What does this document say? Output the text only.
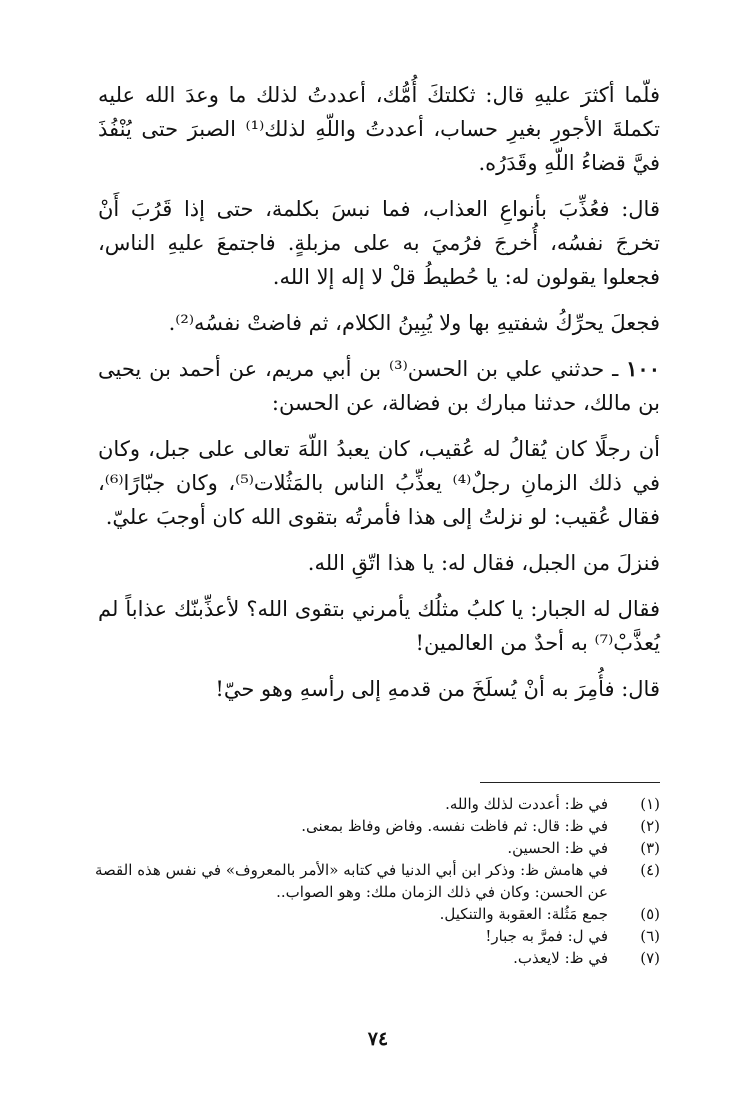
فلّما أكثرَ عليهِ قال: ثكلتكَ أُمُّك، أعددتُ لذلك ما وعدَ الله عليه تكملةَ الأجورِ بغيرِ حساب، أعددتُ واللّهِ لذلك⁽¹⁾ الصبرَ حتى يُنْفُذَ فيَّ قضاءُ اللّهِ وقَدَرُه.

قال: فعُذِّبَ بأنواعِ العذاب، فما نبسَ بكلمة، حتى إذا قَرُبَ أَنْ تخرجَ نفسُه، أُخرجَ فرُميَ به على مزبلةٍ. فاجتمعَ عليهِ الناس، فجعلوا يقولون له: يا حُطيطُ قلْ لا إله إلا الله.

فجعلَ يحرِّكُ شفتيهِ بها ولا يُبِينُ الكلام، ثم فاضتْ نفسُه⁽²⁾.

١٠٠ ـ حدثني علي بن الحسن⁽³⁾ بن أبي مريم، عن أحمد بن يحيى بن مالك، حدثنا مبارك بن فضالة، عن الحسن:

أن رجلًا كان يُقالُ له عُقيب، كان يعبدُ اللّهَ تعالى على جبل، وكان في ذلك الزمانِ رجلٌ⁽⁴⁾ يعذِّبُ الناس بالمَثُلات⁽⁵⁾، وكان جبّارًا⁽⁶⁾، فقال عُقيب: لو نزلتُ إلى هذا فأمرتُه بتقوى الله كان أوجبَ عليّ.

فنزلَ من الجبل، فقال له: يا هذا اتّقِ الله.

فقال له الجبار: يا كلبُ مثلُك يأمرني بتقوى الله؟ لأعذِّبنّك عذاباً لم يُعذَّبْ⁽⁷⁾ به أحدٌ من العالمين!

قال: فأُمِرَ به أنْ يُسلَخَ من قدمهِ إلى رأسهِ وهو حيّ!

(١)
في ظ: أعددت لذلك والله.
(٢)
في ظ: قال: ثم فاظت نفسه. وفاض وفاظ بمعنى.
(٣)
في ظ: الحسين.
(٤)
في هامش ظ: وذكر ابن أبي الدنيا في كتابه «الأمر بالمعروف» في نفس هذه القصة عن الحسن: وكان في ذلك الزمان ملك: وهو الصواب..
(٥)
جمع مَثُلة: العقوبة والتنكيل.
(٦)
في ل: فمرَّ به جبار!
(٧)
في ظ: لايعذب.
٧٤
